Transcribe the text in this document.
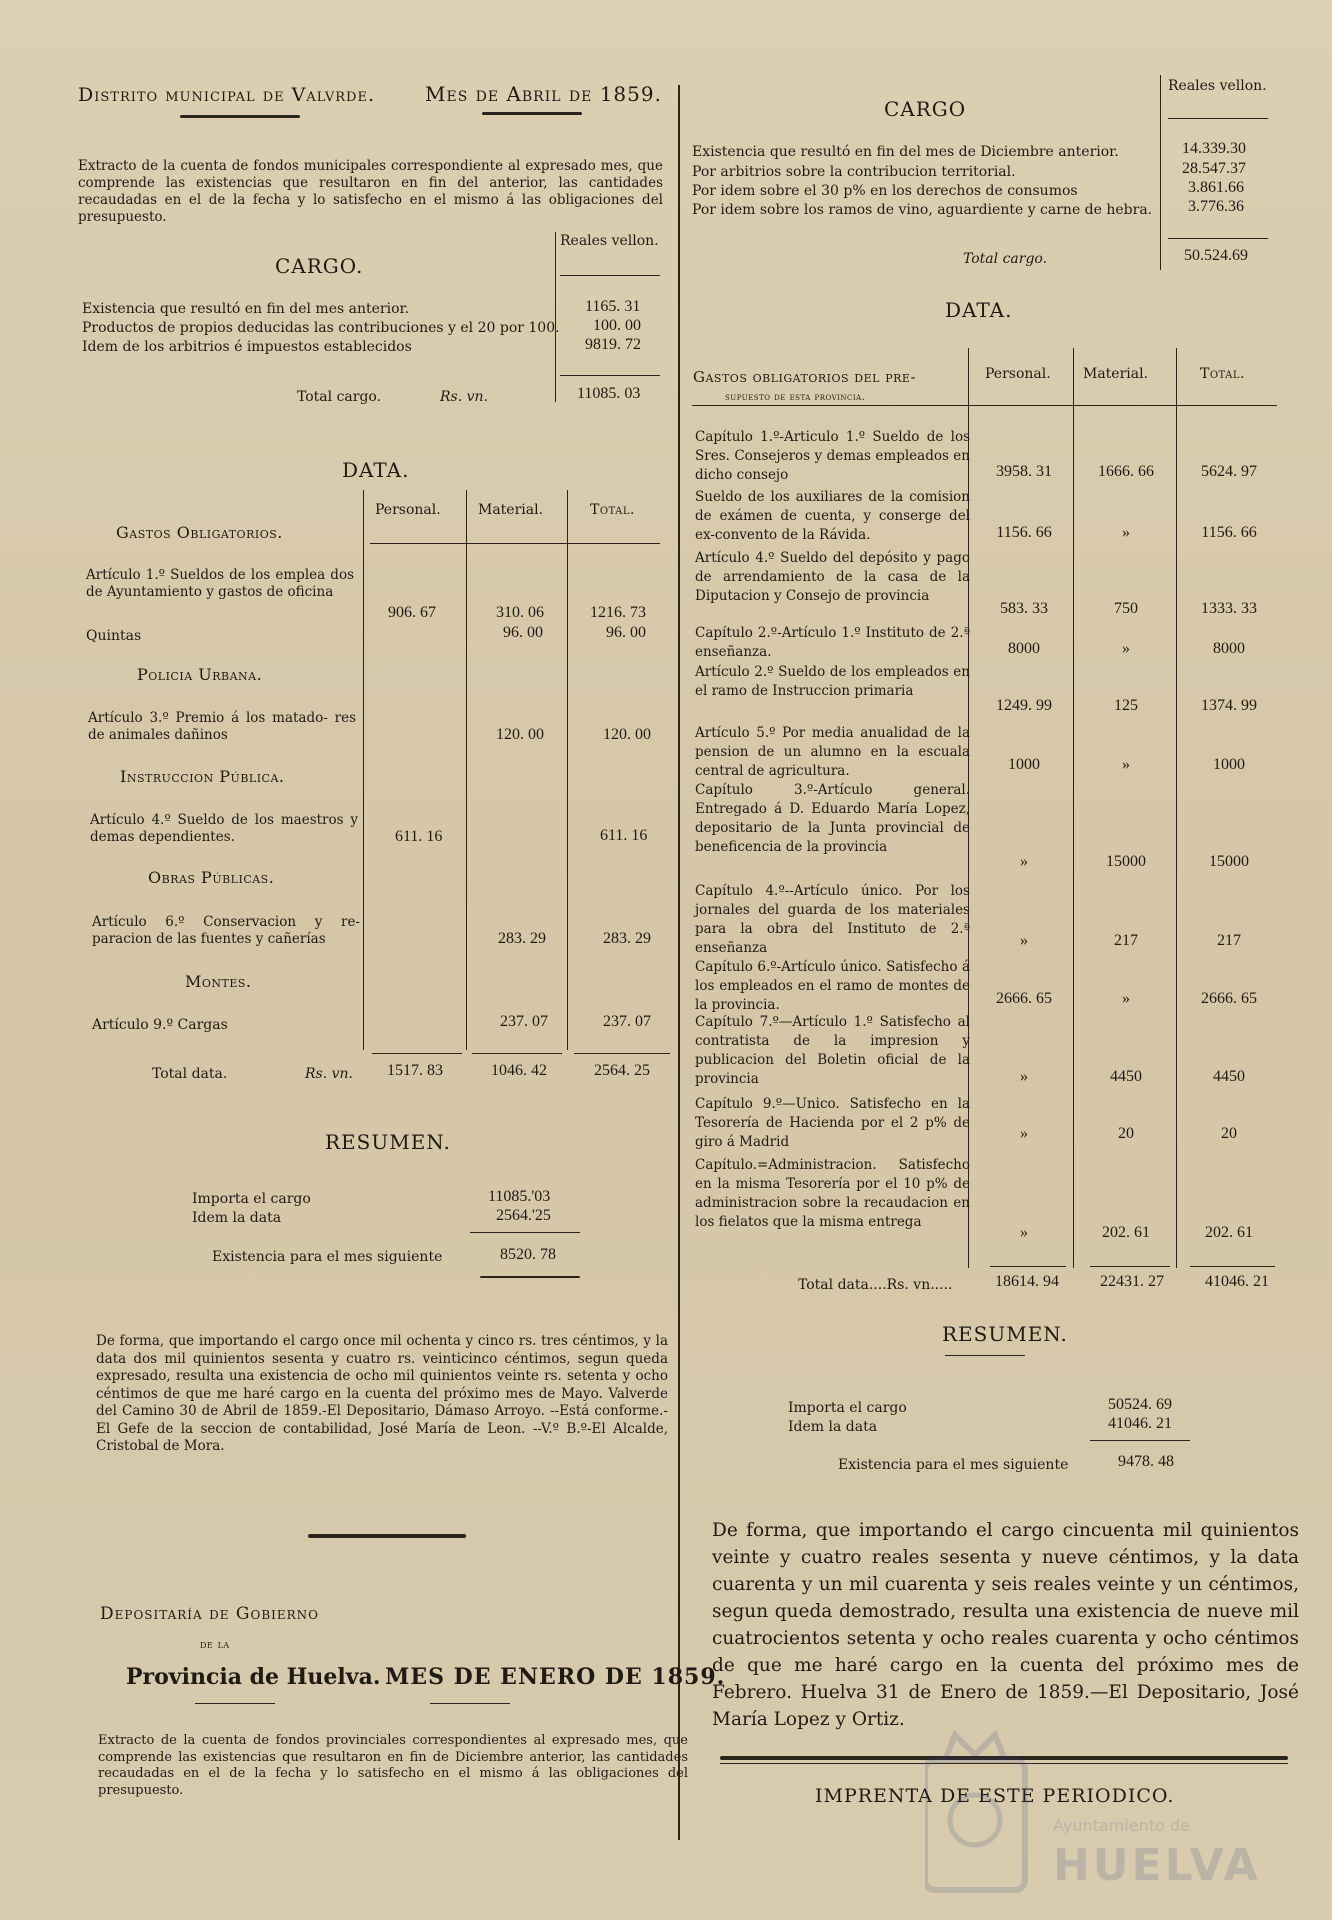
Distrito municipal de Valvrde.	Mes de Abril de 1859.
Extracto de la cuenta de fondos municipales correspondiente al expresado mes, que comprende las existencias que resultaron en fin del anterior, las cantidades recaudadas en el de la fecha y lo satisfecho en el mismo á las obligaciones del presupuesto.
Reales vellon.
CARGO.
Existencia que resultó en fin del mes anterior.	1165. 31
Productos de propios deducidas las contribuciones y el 20 por 100. 100. 00
Idem de los arbitrios é impuestos establecidos	9819. 72
Total cargo.	Rs. vn.	11085. 03
DATA.
Personal.	Material.	Total.
Gastos Obligatorios.
Artículo 1.º Sueldos de los emplea dos de Ayuntamiento y gastos de oficina
906. 67	310. 06	1216. 73
Quintas	96. 00	96. 00
Policia Urbana.
Artículo 3.º Premio á los matado- res de animales dañinos	120. 00	120. 00
Instruccion Pública.
Artículo 4.º Sueldo de los maestros y demas dependientes.	611. 16	611. 16
Obras Públicas.
Artículo 6.º Conservacion y re- paracion de las fuentes y cañerías	283. 29	283. 29
Montes.
Artículo 9.º Cargas	237. 07	237. 07
Total data.	Rs. vn. 1517. 83	1046. 42	2564. 25
RESUMEN.
Importa el cargo	11085.'03
Idem la data	2564.'25
Existencia para el mes siguiente	8520. 78
De forma, que importando el cargo once mil ochenta y cinco rs. tres céntimos, y la data dos mil quinientos sesenta y cuatro rs. veinticinco céntimos, segun queda expresado, resulta una existencia de ocho mil quinientos veinte rs. setenta y ocho céntimos de que me haré cargo en la cuenta del próximo mes de Mayo. Valverde del Camino 30 de Abril de 1859.-El Depositario, Dámaso Arroyo. --Está conforme.-El Gefe de la seccion de contabilidad, José María de Leon. --V.º B.º-El Alcalde, Cristobal de Mora.
Depositaría de Gobierno
de la
Provincia de Huelva. MES DE ENERO DE 1859.
Extracto de la cuenta de fondos provinciales correspondientes al expresado mes, que comprende las existencias que resultaron en fin de Diciembre anterior, las cantidades recaudadas en el de la fecha y lo satisfecho en el mismo á las obligaciones del presupuesto.
Reales vellon.
CARGO
Existencia que resultó en fin del mes de Diciembre anterior.	14.339.30
Por arbitrios sobre la contribucion territorial.	28.547.37
Por idem sobre el 30 p% en los derechos de consumos	3.861.66
Por idem sobre los ramos de vino, aguardiente y carne de hebra. 3.776.36
Total cargo.	50.524.69
DATA.
Gastos obligatorios del pre-
supuesto de esta provincia.
Personal. Material.	Total.
Capítulo 1.º-Articulo 1.º Sueldo de los Sres. Consejeros y demas empleados en dicho consejo	3958. 31	1666. 66	5624. 97
Sueldo de los auxiliares de la comision de exámen de cuenta, y conserge del ex-convento de la Rávida.	1156. 66	»	1156. 66
Artículo 4.º Sueldo del depósito y pago de arrendamiento de la casa de la Diputacion y Consejo de provincia
583. 33	750	1333. 33
Capítulo 2.º-Artículo 1.º Instituto de 2.ª enseñanza.	8000	»	8000
Artículo 2.º Sueldo de los empleados en el ramo de Instruccion primaria
1249. 99	125	1374. 99
Artículo 5.º Por media anualidad de la pension de un alumno en la escuala central de agricultura.	1000	»	1000
Capítulo 3.º-Artículo general. Entregado á D. Eduardo María Lopez, depositario de la Junta provincial de beneficencia de la provincia
»	15000	15000
Capítulo 4.º--Artículo único. Por los jornales del guarda de los materiales para la obra del Instituto de 2.ª enseñanza	»	217	217
Capítulo 6.º-Artículo único. Satisfecho á los empleados en el ramo de montes de la provincia.	2666. 65	»	2666. 65
Capítulo 7.º—Artículo 1.º Satisfecho al contratista de la impresion y publicacion del Boletin oficial de la provincia	»	4450	4450
Capítulo 9.º—Unico. Satisfecho en la Tesorería de Hacienda por el 2 p% de giro á Madrid	»	20	20
Capítulo.=Administracion. Satisfecho en la misma Tesorería por el 10 p% de administracion sobre la recaudacion en los fielatos que la misma entrega
»	202. 61	202. 61
Total data....Rs. vn.....	18614. 94	22431. 27	41046. 21
RESUMEN.
Importa el cargo	50524. 69
Idem la data	41046. 21
Existencia para el mes siguiente	9478. 48
De forma, que importando el cargo cincuenta mil quinientos veinte y cuatro reales sesenta y nueve céntimos, y la data cuarenta y un mil cuarenta y seis reales veinte y un céntimos, segun queda demostrado, resulta una existencia de nueve mil cuatrocientos setenta y ocho reales cuarenta y ocho céntimos de que me haré cargo en la cuenta del próximo mes de Febrero. Huelva 31 de Enero de 1859.—El Depositario, José María Lopez y Ortiz.
IMPRENTA DE ESTE PERIODICO.
Ayuntamiento de
HUELVA
